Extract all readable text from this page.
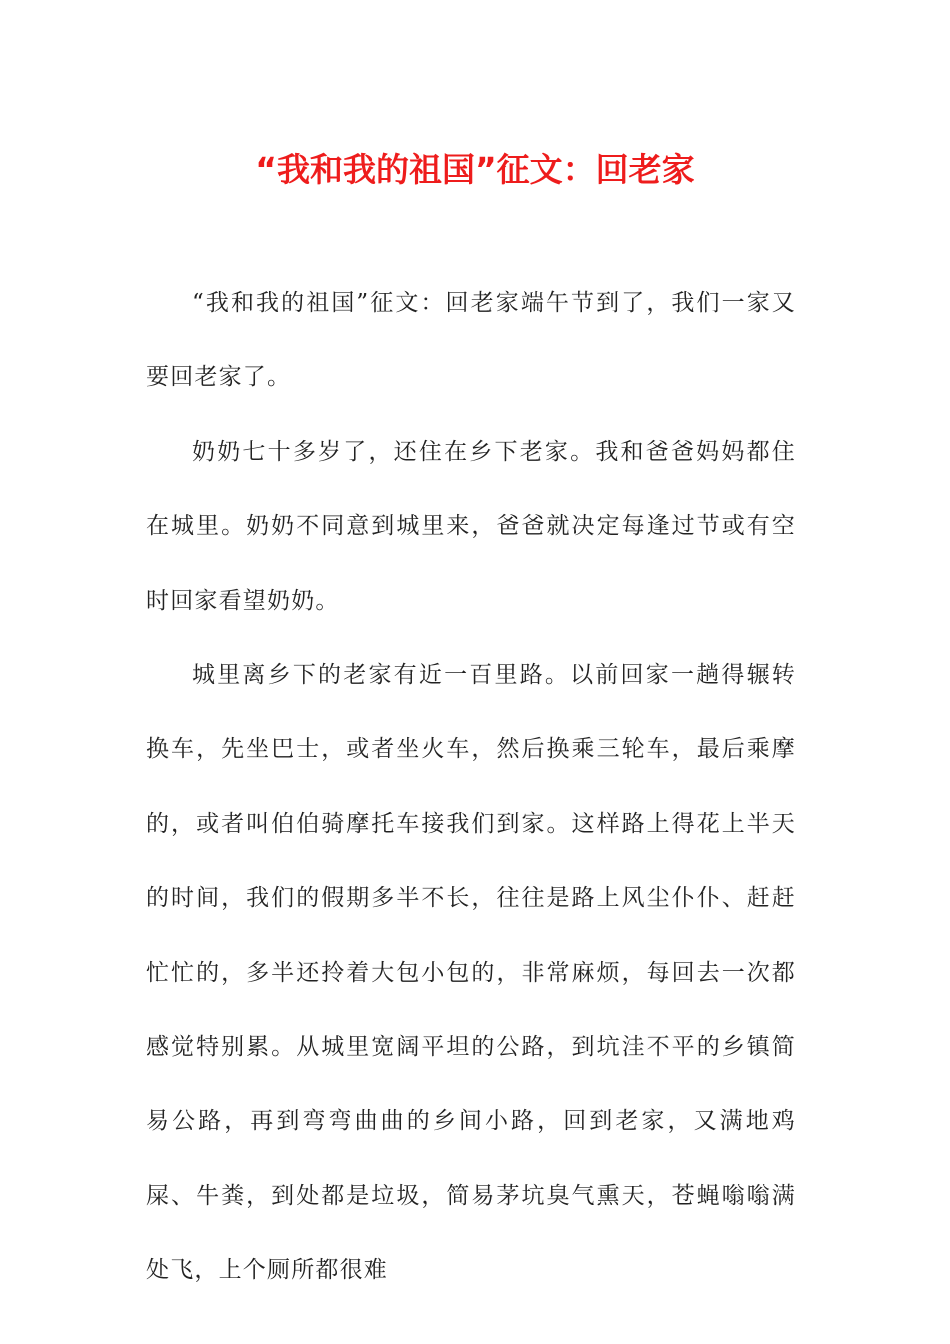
“我和我的祖国”征文：回老家

“我和我的祖国”征文：回老家端午节到了，我们一家又要回老家了。

奶奶七十多岁了，还住在乡下老家。我和爸爸妈妈都住在城里。奶奶不同意到城里来，爸爸就决定每逢过节或有空时回家看望奶奶。

城里离乡下的老家有近一百里路。以前回家一趟得辗转换车，先坐巴士，或者坐火车，然后换乘三轮车，最后乘摩的，或者叫伯伯骑摩托车接我们到家。这样路上得花上半天的时间，我们的假期多半不长，往往是路上风尘仆仆、赶赶忙忙的，多半还拎着大包小包的，非常麻烦，每回去一次都感觉特别累。从城里宽阔平坦的公路，到坑洼不平的乡镇简易公路，再到弯弯曲曲的乡间小路，回到老家，又满地鸡屎、牛粪，到处都是垃圾，简易茅坑臭气熏天，苍蝇嗡嗡满处飞，上个厕所都很难
